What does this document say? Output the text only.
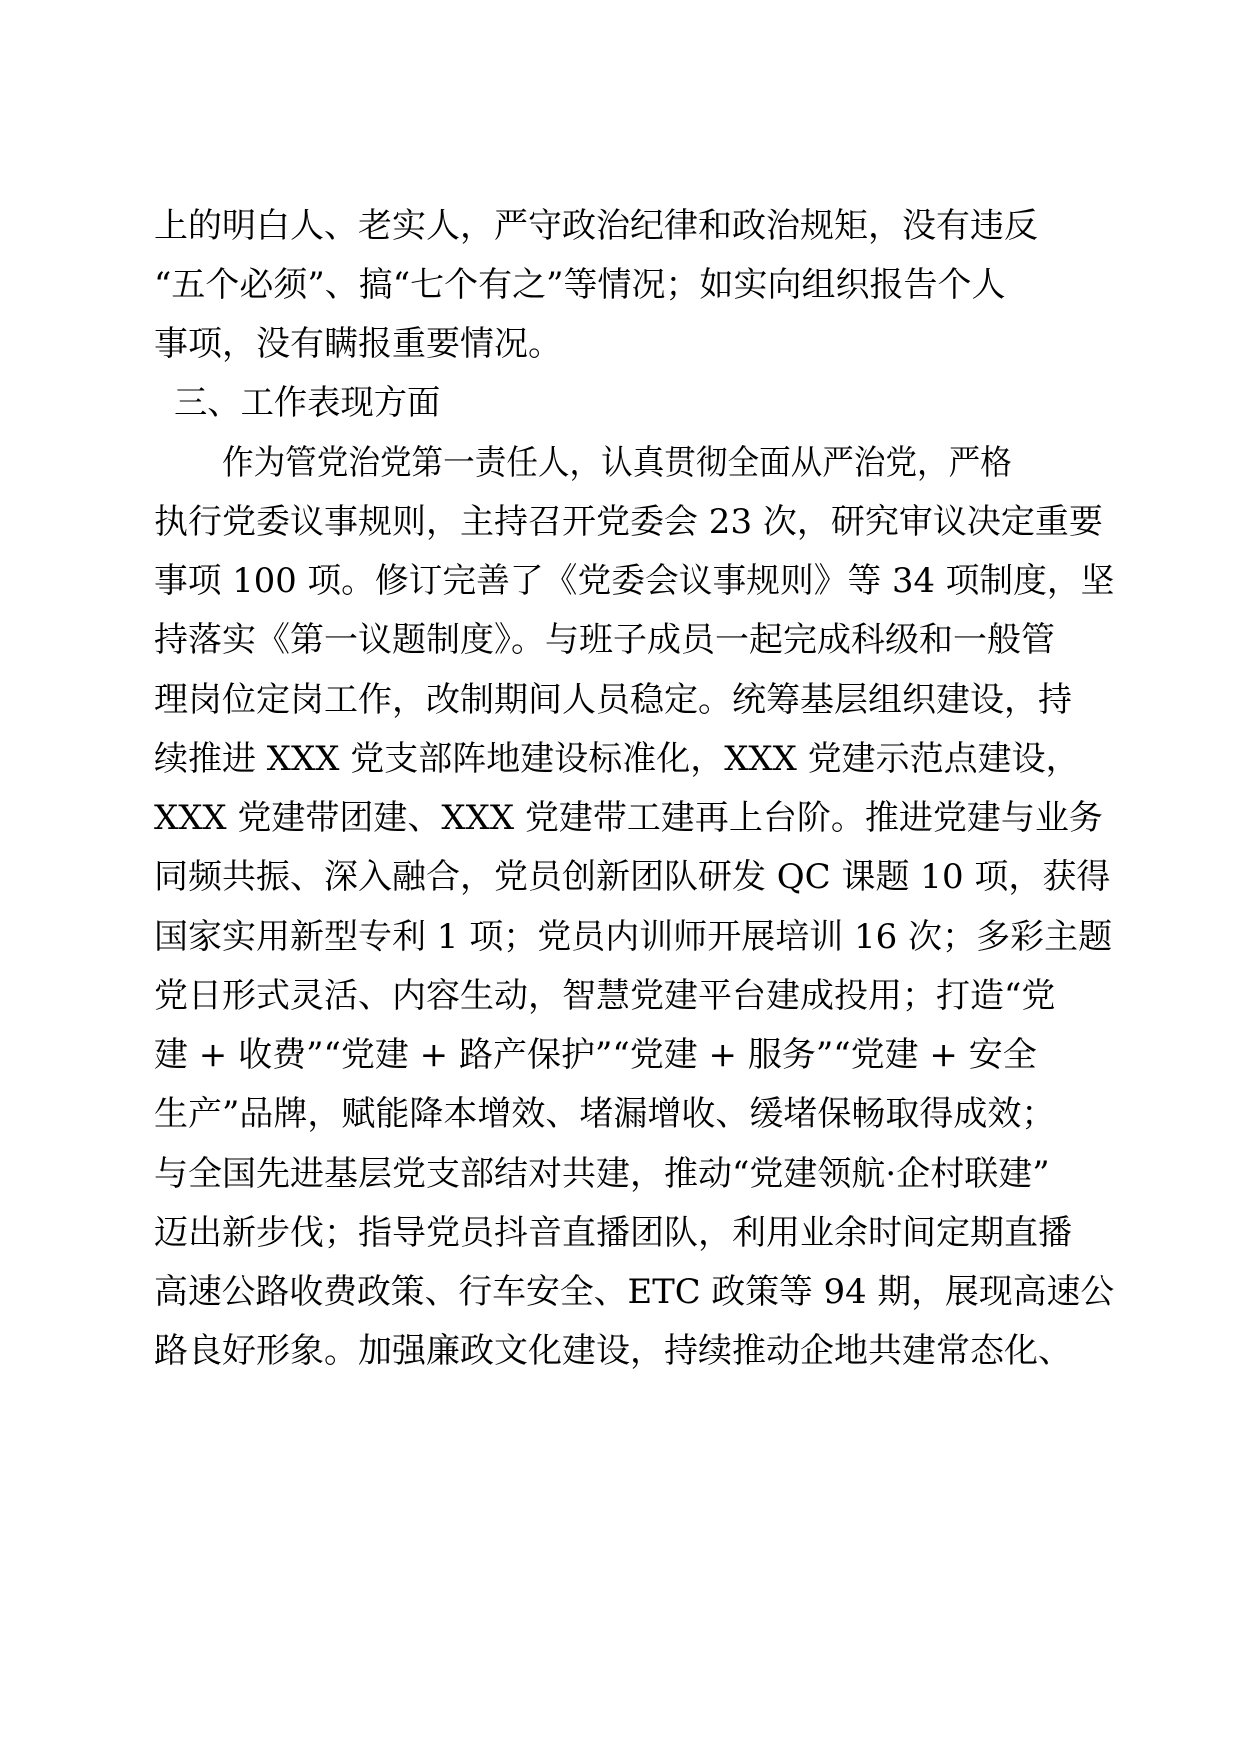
上的明白人、老实人，严守政治纪律和政治规矩，没有违反
“五个必须”、搞“七个有之”等情况；如实向组织报告个人
事项，没有瞒报重要情况。
三、工作表现方面
作为管党治党第一责任人，认真贯彻全面从严治党，严格
执行党委议事规则，主持召开党委会 23 次，研究审议决定重要
事项 100 项。修订完善了《党委会议事规则》等 34 项制度，坚
持落实《第一议题制度》。与班子成员一起完成科级和一般管
理岗位定岗工作，改制期间人员稳定。统筹基层组织建设，持
续推进 XXX 党支部阵地建设标准化，XXX 党建示范点建设，
XXX 党建带团建、XXX 党建带工建再上台阶。推进党建与业务
同频共振、深入融合，党员创新团队研发 QC 课题 10 项，获得
国家实用新型专利 1 项；党员内训师开展培训 16 次；多彩主题
党日形式灵活、内容生动，智慧党建平台建成投用；打造“党
建 + 收费”“党建 + 路产保护”“党建 + 服务”“党建 + 安全
生产”品牌，赋能降本增效、堵漏增收、缓堵保畅取得成效；
与全国先进基层党支部结对共建，推动“党建领航·企村联建”
迈出新步伐；指导党员抖音直播团队，利用业余时间定期直播
高速公路收费政策、行车安全、ETC 政策等 94 期，展现高速公
路良好形象。加强廉政文化建设，持续推动企地共建常态化、
